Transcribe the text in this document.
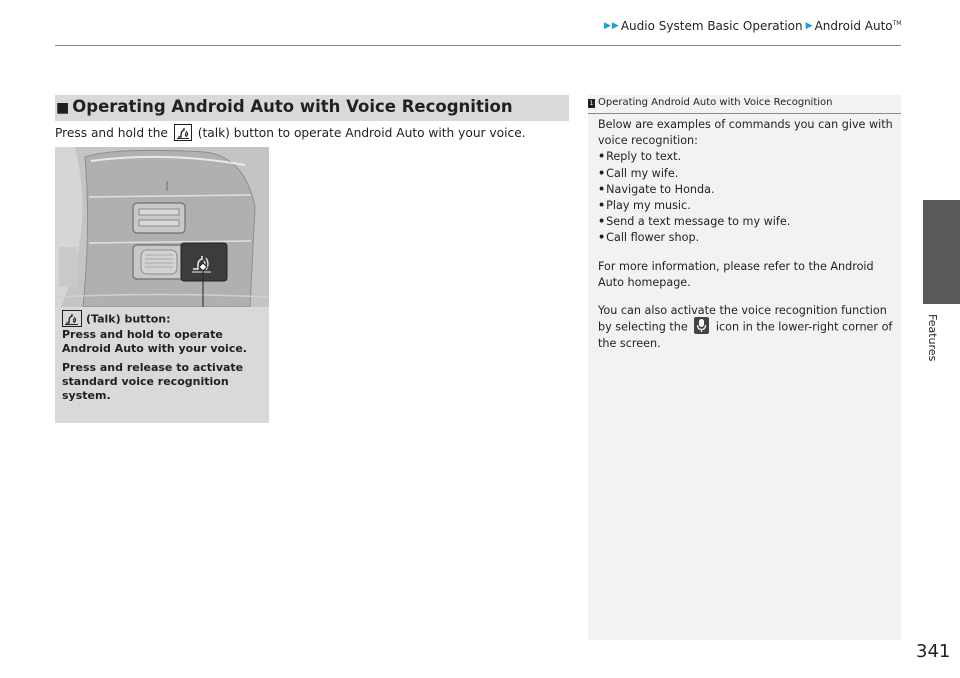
▶ ▶ Audio System Basic Operation ▶ Android Auto™
Features
■ Operating Android Auto with Voice Recognition
Press and hold the (talk) button to operate Android Auto with your voice.
(Talk) button:

Press and hold to operate Android Auto with your voice.

Press and release to activate standard voice recognition system.

1 Operating Android Auto with Voice Recognition

Below are examples of commands you can give with voice recognition:

• Reply to text.
• Call my wife.
• Navigate to Honda.
• Play my music.
• Send a text message to my wife.
• Call flower shop.

For more information, please refer to the Android Auto homepage.

You can also activate the voice recognition function by selecting the	icon in the lower-right corner of the screen.

341
